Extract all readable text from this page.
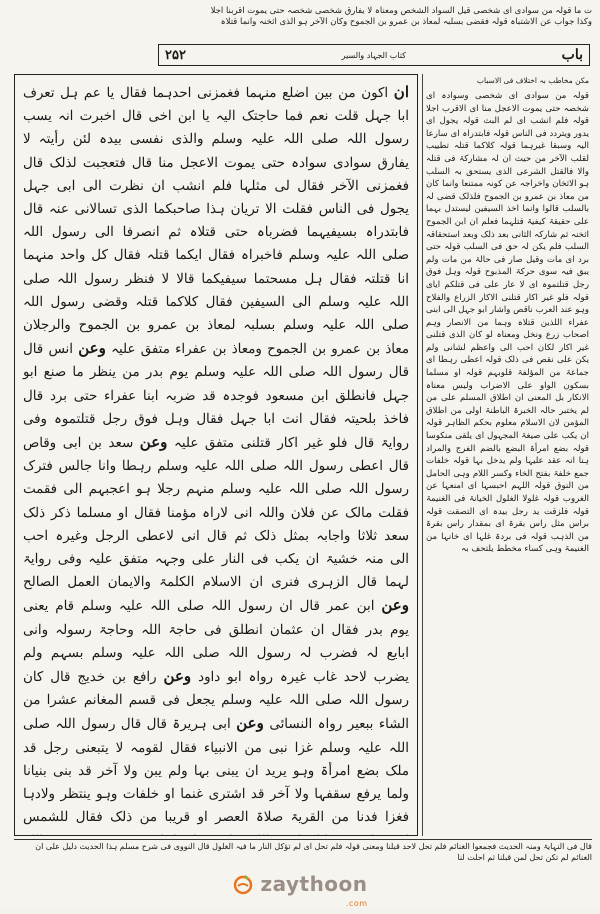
ت ما قولہ من سوادی ای شخصی قیل السواد الشخص ومعناہ لا یفارق شخصی شخصہ حتی یموت اقربنا اجلا
وکذا جواب عن الاشتباہ قولہ فقضی بسلبہ لمعاذ بن عمرو بن الجموح وکان الآخر ہو الذی اثخنہ وانما قتلاہ
باب
کتاب الجہاد والسیر
۲۵۲

ان اکون من بین اضلع منہما فغمزنی احدہما فقال یا عم ہل تعرف ابا جہل قلت نعم فما حاجتک الیہ یا ابن اخی قال اخبرت انہ یسب رسول اللہ صلی اللہ علیہ وسلم والذی نفسی بیدہ لئن رأیتہ لا یفارق سوادی سوادہ حتی یموت الاعجل منا قال فتعجبت لذلک قال فغمزنی الآخر فقال لی مثلہا فلم انشب ان نظرت الی ابی جہل یجول فی الناس فقلت الا تریان ہذا صاحبکما الذی تسالانی عنہ قال فابتدراہ بسیفیہما فضرباہ حتی قتلاہ ثم انصرفا الی رسول اللہ صلی اللہ علیہ وسلم فاخبراہ فقال ایکما قتلہ فقال کل واحد منہما انا قتلتہ فقال ہل مسحتما سیفیکما قالا لا فنظر رسول اللہ صلی اللہ علیہ وسلم الی السیفین فقال کلاکما قتلہ وقضی رسول اللہ صلی اللہ علیہ وسلم بسلبہ لمعاذ بن عمرو بن الجموح والرجلان معاذ بن عمرو بن الجموح ومعاذ بن عفراء متفق علیہ وعن انس قال قال رسول اللہ صلی اللہ علیہ وسلم یوم بدر من ینظر ما صنع ابو جہل فانطلق ابن مسعود فوجدہ قد ضربہ ابنا عفراء حتی برد قال فاخذ بلحیتہ فقال انت ابا جہل فقال وہل فوق رجل قتلتموہ وفی روایۃ قال فلو غیر اکار قتلنی متفق علیہ وعن سعد بن ابی وقاص قال اعطی رسول اللہ صلی اللہ علیہ وسلم رہطا وانا جالس فترک رسول اللہ صلی اللہ علیہ وسلم منہم رجلا ہو اعجبہم الی فقمت فقلت مالک عن فلان واللہ انی لاراہ مؤمنا فقال او مسلما ذکر ذلک سعد ثلاثا واجابہ بمثل ذلک ثم قال انی لاعطی الرجل وغیرہ احب الی منہ خشیۃ ان یکب فی النار علی وجہہ متفق علیہ وفی روایۃ لہما قال الزہری فنری ان الاسلام الکلمۃ والایمان العمل الصالح وعن ابن عمر قال ان رسول اللہ صلی اللہ علیہ وسلم قام یعنی یوم بدر فقال ان عثمان انطلق فی حاجۃ اللہ وحاجۃ رسولہ وانی ابایع لہ فضرب لہ رسول اللہ صلی اللہ علیہ وسلم بسہم ولم یضرب لاحد غاب غیرہ رواہ ابو داود وعن رافع بن خدیج قال کان رسول اللہ صلی اللہ علیہ وسلم یجعل فی قسم المغانم عشرا من الشاء ببعیر رواہ النسائی وعن ابی ہریرۃ قال قال رسول اللہ صلی اللہ علیہ وسلم غزا نبی من الانبیاء فقال لقومہ لا یتبعنی رجل قد ملک بضع امرأۃ وہو یرید ان یبنی بہا ولم یبن ولا آخر قد بنی بنیانا ولما یرفع سقفہا ولا آخر قد اشتری غنما او خلفات وہو ینتظر ولادہا فغزا فدنا من القریۃ صلاۃ العصر او قریبا من ذلک فقال للشمس

مکن مخاطب بہ اختلاف فی الاسباب

قولہ من سوادی ای شخصی وسوادہ ای شخصہ حتی یموت الاعجل منا ای الاقرب اجلا قولہ فلم انشب ای لم البث قولہ یجول ای یدور ویتردد فی الناس قولہ فابتدراہ ای سارعا الیہ وسبقا غیرہما قولہ کلاکما قتلہ تطییب لقلب الآخر من حیث ان لہ مشارکۃ فی قتلہ والا فالقتل الشرعی الذی یستحق بہ السلب ہو الاثخان واخراجہ عن کونہ ممتنعا وانما کان من معاذ بن عمرو بن الجموح فلذلک قضی لہ بالسلب قالوا وانما اخذ السیفین لیستدل بہما علی حقیقۃ کیفیۃ قتلہما فعلم ان ابن الجموح اثخنہ ثم شارکہ الثانی بعد ذلک وبعد استحقاقہ السلب فلم یکن لہ حق فی السلب قولہ حتی برد ای مات وقیل صار فی حالۃ من مات ولم یبق فیہ سوی حرکۃ المذبوح قولہ وہل فوق رجل قتلتموہ ای لا عار علی فی قتلکم ایای قولہ فلو غیر اکار قتلنی الاکار الزراع والفلاح وہو عند العرب ناقص واشار ابو جہل الی ابنی عفراء اللذین قتلاہ وہما من الانصار وہم اصحاب زرع ونخل ومعناہ لو کان الذی قتلنی غیر اکار لکان احب الی واعظم لشانی ولم یکن علی نقص فی ذلک قولہ اعطی رہطا ای جماعۃ من المؤلفۃ قلوبہم قولہ او مسلما بسکون الواو علی الاضراب ولیس معناہ الانکار بل المعنی ان اطلاق المسلم علی من لم یختبر حالہ الخبرۃ الباطنۃ اولی من اطلاق المؤمن لان الاسلام معلوم بحکم الظاہر قولہ ان یکب علی صیغۃ المجہول ای یلقی منکوسا قولہ بضع امرأۃ البضع بالضم الفرج والمراد ہنا انہ عقد علیہا ولم یدخل بہا قولہ خلفات جمع خلفۃ بفتح الخاء وکسر اللام وہی الحامل من النوق قولہ اللہم احبسہا ای امنعہا عن الغروب قولہ غلولا الغلول الخیانۃ فی الغنیمۃ قولہ فلزقت ید رجل بیدہ ای التصقت قولہ براس مثل راس بقرۃ ای بمقدار راس بقرۃ من الذہب قولہ فی بردۃ غلہا ای خانہا من الغنیمۃ وہی کساء مخطط یلتحف بہ

قال فی النہایۃ ومنہ الحدیث فجمعوا الغنائم فلم تحل لاحد قبلنا ومعنی قولہ فلم تحل ای لم تؤکل النار ما فیہ الغلول قال النووی فی شرح مسلم ہذا الحدیث دلیل علی ان الغنائم لم تکن تحل لمن قبلنا ثم احلت لنا
zaythoon
.com
